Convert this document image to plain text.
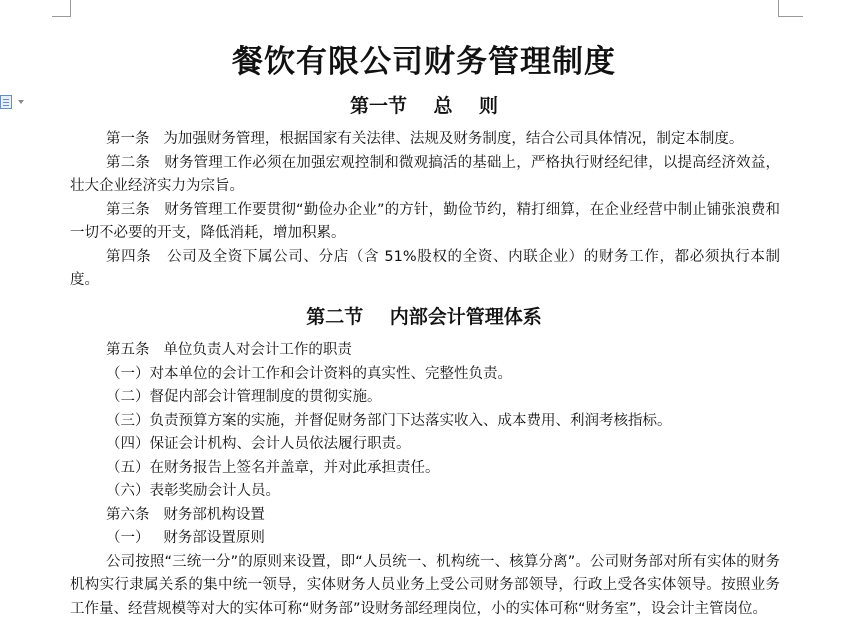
餐饮有限公司财务管理制度
第一节    总    则

第一条   为加强财务管理，根据国家有关法律、法规及财务制度，结合公司具体情况，制定本制度。

第二条   财务管理工作必须在加强宏观控制和微观搞活的基础上，严格执行财经纪律，以提高经济效益，壮大企业经济实力为宗旨。

第三条   财务管理工作要贯彻“勤俭办企业”的方针，勤俭节约，精打细算，在企业经营中制止铺张浪费和一切不必要的开支，降低消耗，增加积累。

第四条   公司及全资下属公司、分店（含 51%股权的全资、内联企业）的财务工作，都必须执行本制度。

第二节    内部会计管理体系

第五条   单位负责人对会计工作的职责

（一）对本单位的会计工作和会计资料的真实性、完整性负责。

（二）督促内部会计管理制度的贯彻实施。

（三）负责预算方案的实施，并督促财务部门下达落实收入、成本费用、利润考核指标。

（四）保证会计机构、会计人员依法履行职责。

（五）在财务报告上签名并盖章，并对此承担责任。

（六）表彰奖励会计人员。

第六条   财务部机构设置

（一）   财务部设置原则

公司按照“三统一分”的原则来设置，即“人员统一、机构统一、核算分离”。公司财务部对所有实体的财务机构实行隶属关系的集中统一领导，实体财务人员业务上受公司财务部领导，行政上受各实体领导。按照业务工作量、经营规模等对大的实体可称“财务部”设财务部经理岗位，小的实体可称“财务室”，设会计主管岗位。
